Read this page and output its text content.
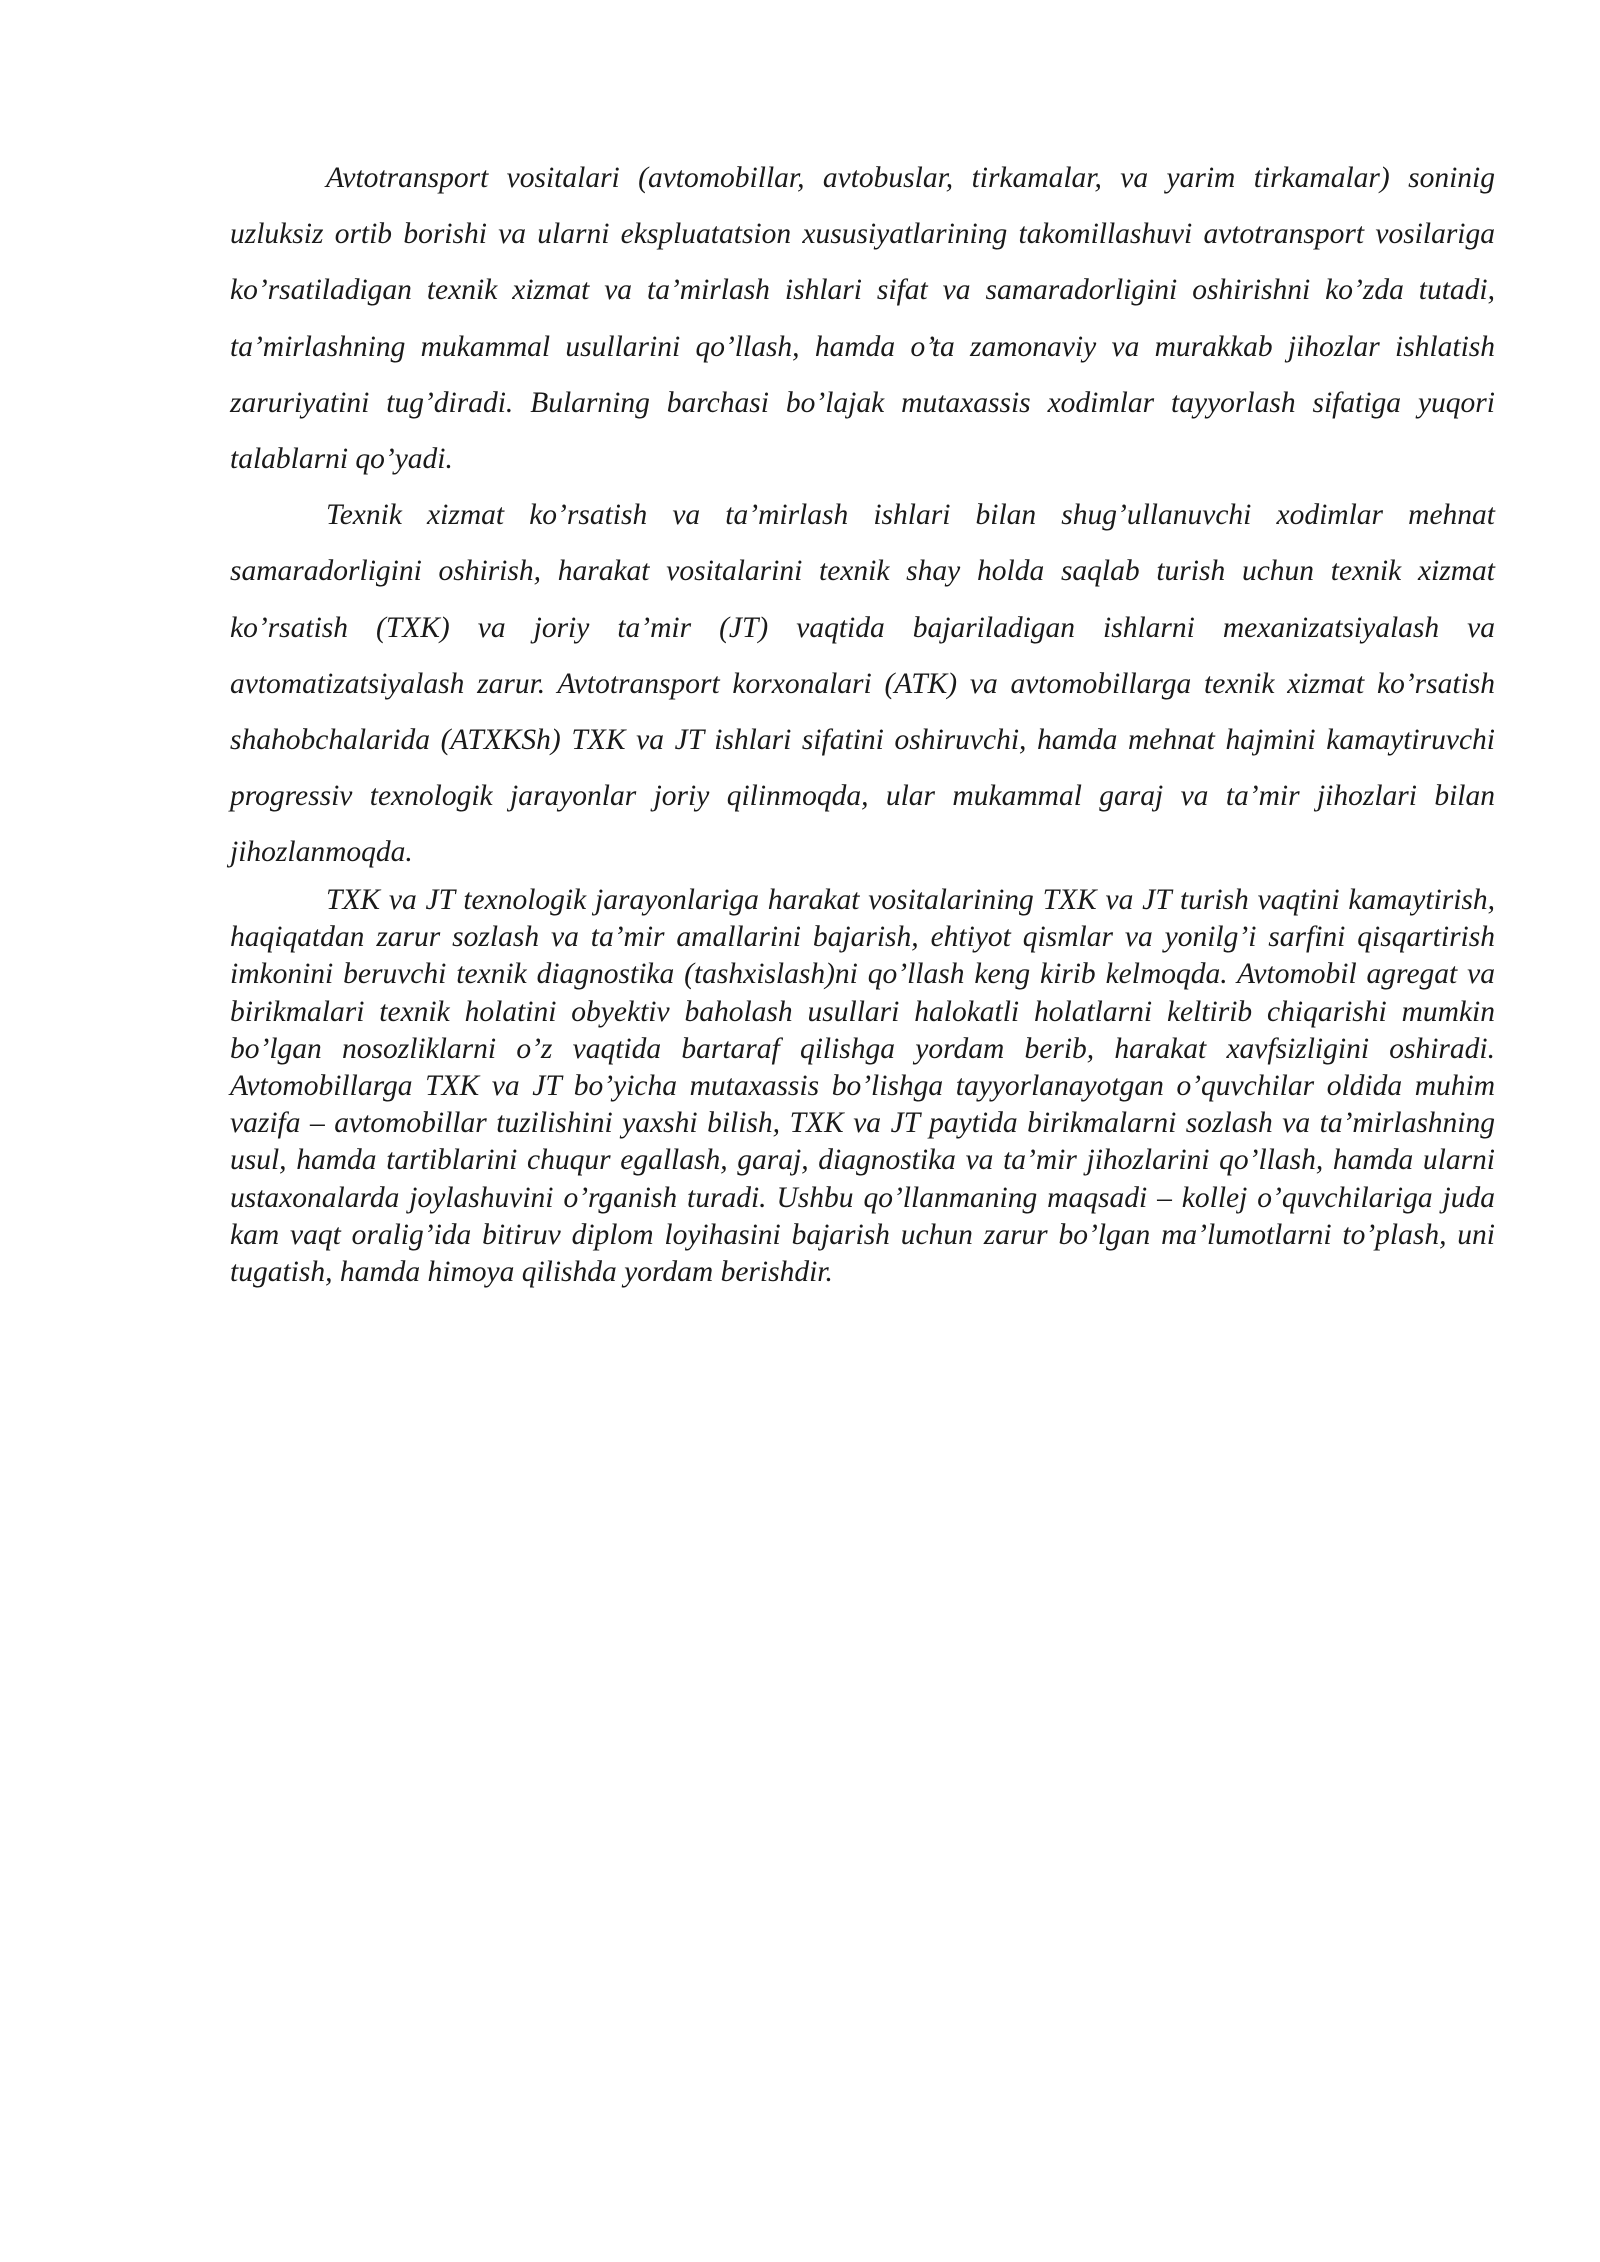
Avtotransport vositalari (avtomobillar, avtobuslar, tirkamalar, va yarim tirkamalar) soninig uzluksiz ortib borishi va ularni ekspluatatsion xususiyatlarining takomillashuvi avtotransport vosilariga ko’rsatiladigan texnik xizmat va ta’mirlash ishlari sifat va samaradorligini oshirishni ko’zda tutadi, ta’mirlashning mukammal usullarini qo’llash, hamda o’ta zamonaviy va murakkab jihozlar ishlatish zaruriyatini tug’diradi. Bularning barchasi bo’lajak mutaxassis xodimlar tayyorlash sifatiga yuqori talablarni qo’yadi.

Texnik xizmat ko’rsatish va ta’mirlash ishlari bilan shug’ullanuvchi xodimlar mehnat samaradorligini oshirish, harakat vositalarini texnik shay holda saqlab turish uchun texnik xizmat ko’rsatish (TXK) va joriy ta’mir (JT) vaqtida bajariladigan ishlarni mexanizatsiyalash va avtomatizatsiyalash zarur. Avtotransport korxonalari (ATK) va avtomobillarga texnik xizmat ko’rsatish shahobchalarida (ATXKSh) TXK va JT ishlari sifatini oshiruvchi, hamda mehnat hajmini kamaytiruvchi progressiv texnologik jarayonlar joriy qilinmoqda, ular mukammal garaj va ta’mir jihozlari bilan jihozlanmoqda.

TXK va JT texnologik jarayonlariga harakat vositalarining TXK va JT turish vaqtini kamaytirish, haqiqatdan zarur sozlash va ta’mir amallarini bajarish, ehtiyot qismlar va yonilg’i sarfini qisqartirish imkonini beruvchi texnik diagnostika (tashxislash)ni qo’llash keng kirib kelmoqda. Avtomobil agregat va birikmalari texnik holatini obyektiv baholash usullari halokatli holatlarni keltirib chiqarishi mumkin bo’lgan nosozliklarni o’z vaqtida bartaraf qilishga yordam berib, harakat xavfsizligini oshiradi. Avtomobillarga TXK va JT bo’yicha mutaxassis bo’lishga tayyorlanayotgan o’quvchilar oldida muhim vazifa – avtomobillar tuzilishini yaxshi bilish, TXK va JT paytida birikmalarni sozlash va ta’mirlashning usul, hamda tartiblarini chuqur egallash, garaj, diagnostika va ta’mir jihozlarini qo’llash, hamda ularni ustaxonalarda joylashuvini o’rganish turadi. Ushbu qo’llanmaning maqsadi – kollej o’quvchilariga juda kam vaqt oralig’ida bitiruv diplom loyihasini bajarish uchun zarur bo’lgan ma’lumotlarni to’plash, uni tugatish, hamda himoya qilishda yordam berishdir.
